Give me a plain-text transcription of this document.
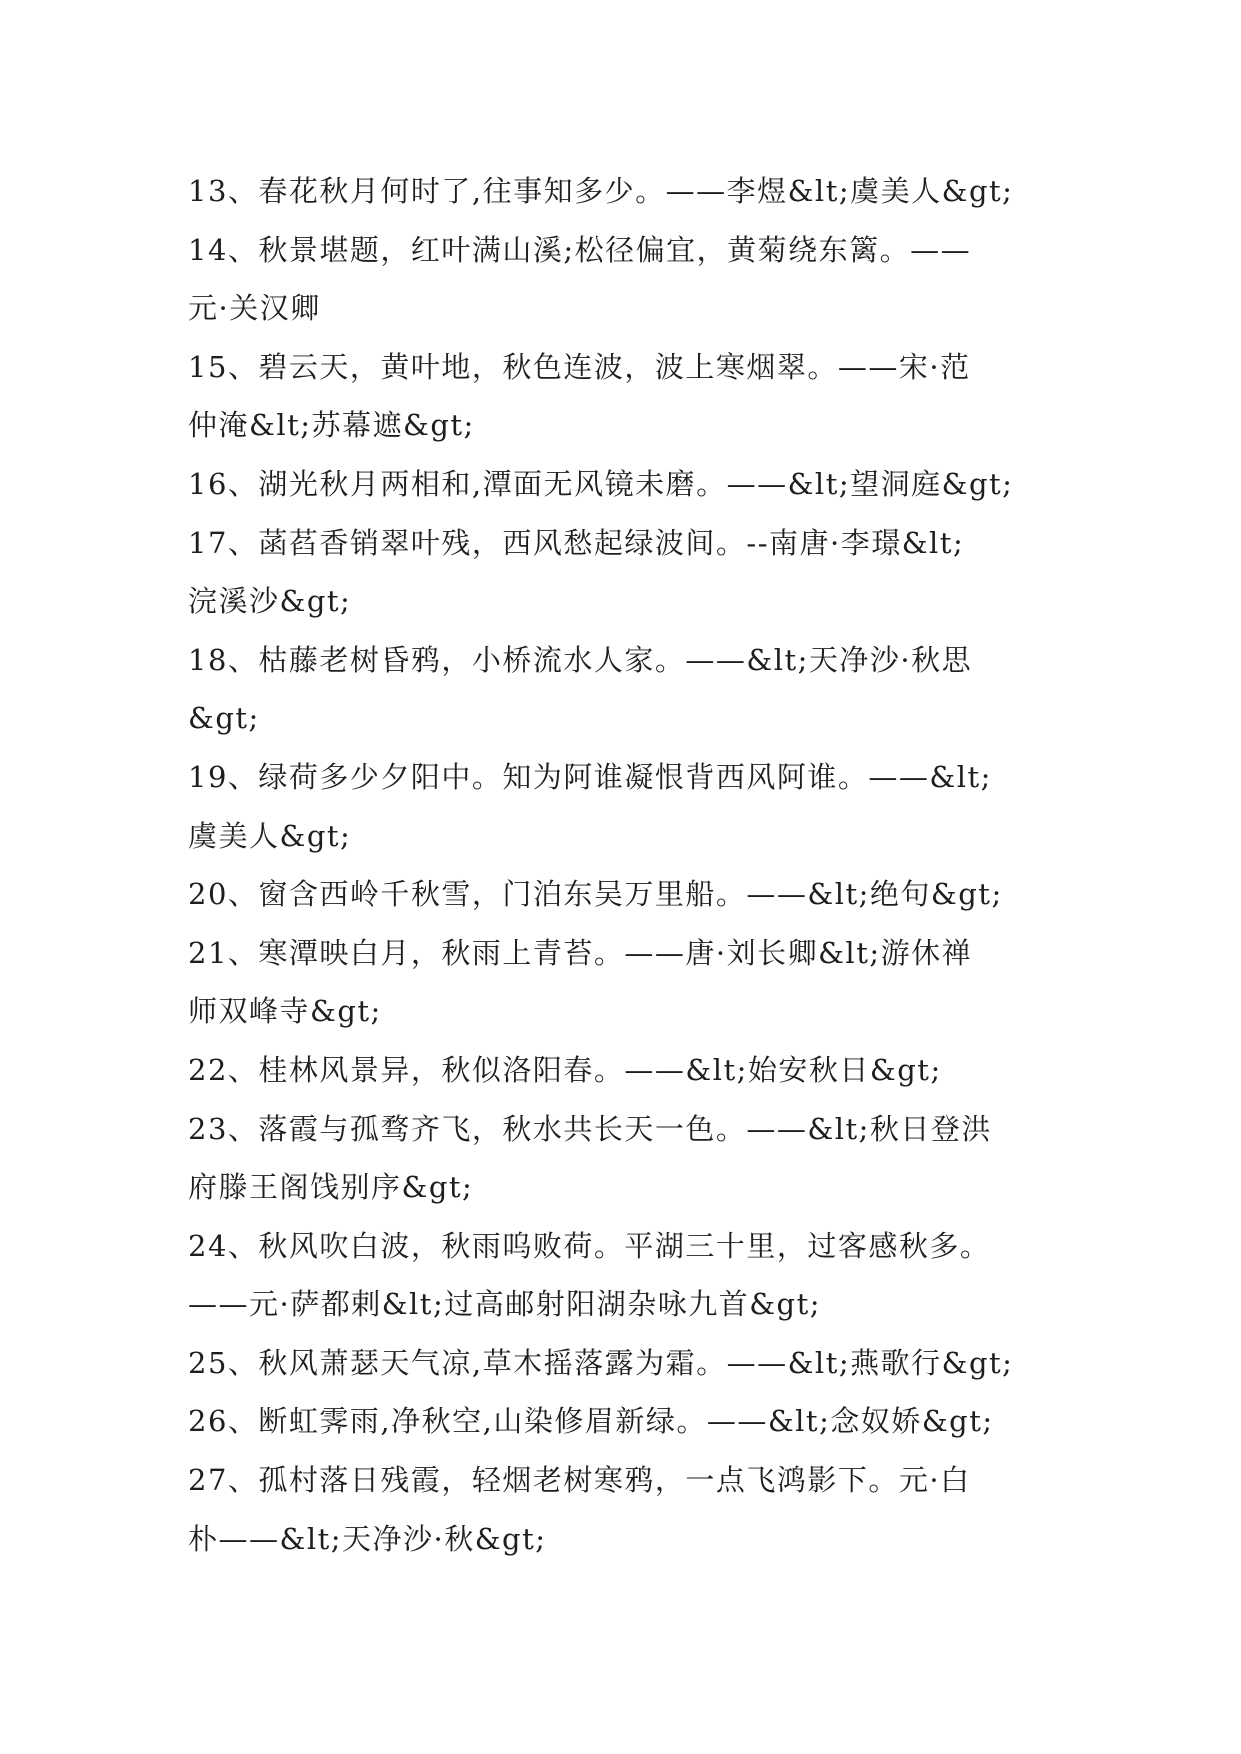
13、春花秋月何时了,往事知多少。——李煜&lt;虞美人&gt;
14、秋景堪题，红叶满山溪;松径偏宜，黄菊绕东篱。——
元·关汉卿
15、碧云天，黄叶地，秋色连波，波上寒烟翠。——宋·范
仲淹&lt;苏幕遮&gt;
16、湖光秋月两相和,潭面无风镜未磨。——&lt;望洞庭&gt;
17、菡萏香销翠叶残，西风愁起绿波间。--南唐·李璟&lt;
浣溪沙&gt;
18、枯藤老树昏鸦，小桥流水人家。——&lt;天净沙·秋思
&gt;
19、绿荷多少夕阳中。知为阿谁凝恨背西风阿谁。——&lt;
虞美人&gt;
20、窗含西岭千秋雪，门泊东吴万里船。——&lt;绝句&gt;
21、寒潭映白月，秋雨上青苔。——唐·刘长卿&lt;游休禅
师双峰寺&gt;
22、桂林风景异，秋似洛阳春。——&lt;始安秋日&gt;
23、落霞与孤骛齐飞，秋水共长天一色。——&lt;秋日登洪
府滕王阁饯别序&gt;
24、秋风吹白波，秋雨呜败荷。平湖三十里，过客感秋多。
——元·萨都剌&lt;过高邮射阳湖杂咏九首&gt;
25、秋风萧瑟天气凉,草木摇落露为霜。——&lt;燕歌行&gt;
26、断虹霁雨,净秋空,山染修眉新绿。——&lt;念奴娇&gt;
27、孤村落日残霞，轻烟老树寒鸦，一点飞鸿影下。元·白
朴——&lt;天净沙·秋&gt;
